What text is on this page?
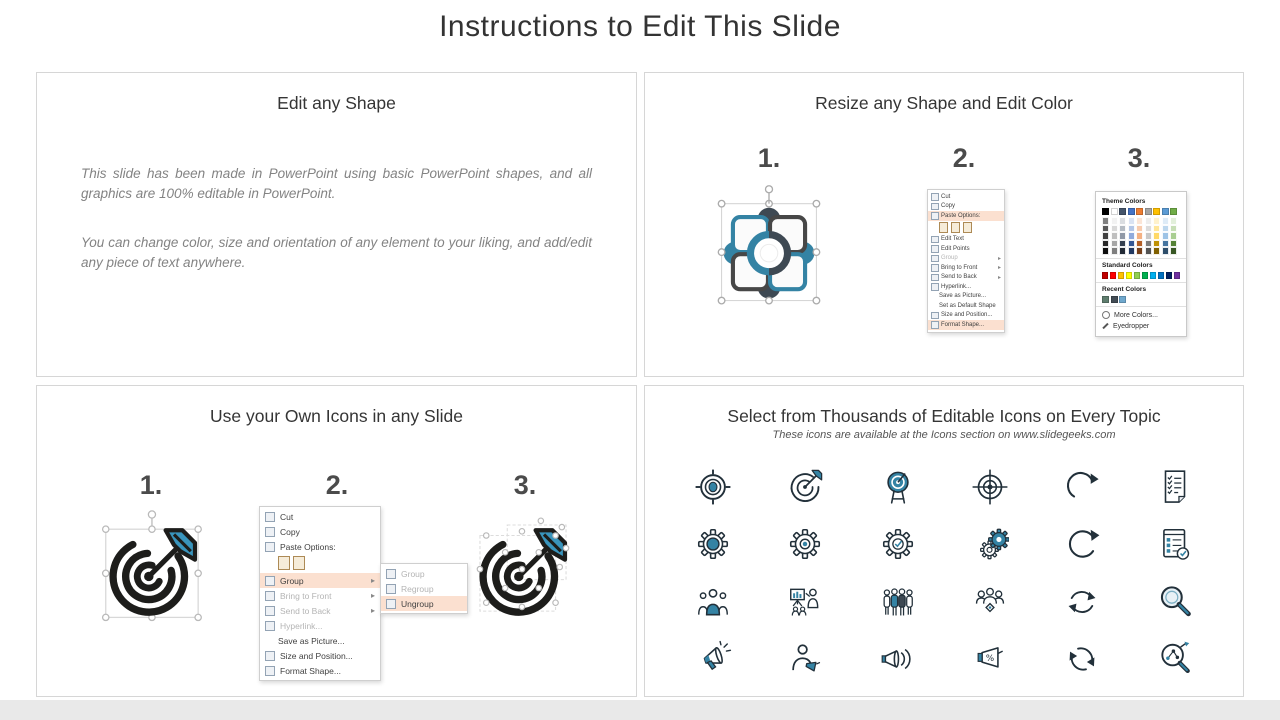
Instructions to Edit This Slide
Edit any Shape

This slide has been made in PowerPoint using basic PowerPoint shapes, and all graphics are 100% editable in PowerPoint.

You can change color, size and orientation of any element to your liking, and add/edit any piece of text anywhere.

Resize any Shape and Edit Color
1.	2.	3.
Cut
Copy
Paste Options:
Edit Text
Edit Points
Group	▸
Bring to Front	▸
Send to Back	▸
Hyperlink...
Save as Picture...
Set as Default Shape
Size and Position...
Format Shape...
Theme Colors
Standard Colors
Recent Colors
More Colors...
Eyedropper
Use your Own Icons in any Slide
1.	2.	3.
Cut
Copy
Paste Options:
Group	▸
Bring to Front	▸
Send to Back	▸
Hyperlink...
Save as Picture...
Size and Position...
Format Shape...
Group
Regroup
Ungroup
Select from Thousands of Editable Icons on Every Topic

These icons are available at the Icons section on www.slidegeeks.com
